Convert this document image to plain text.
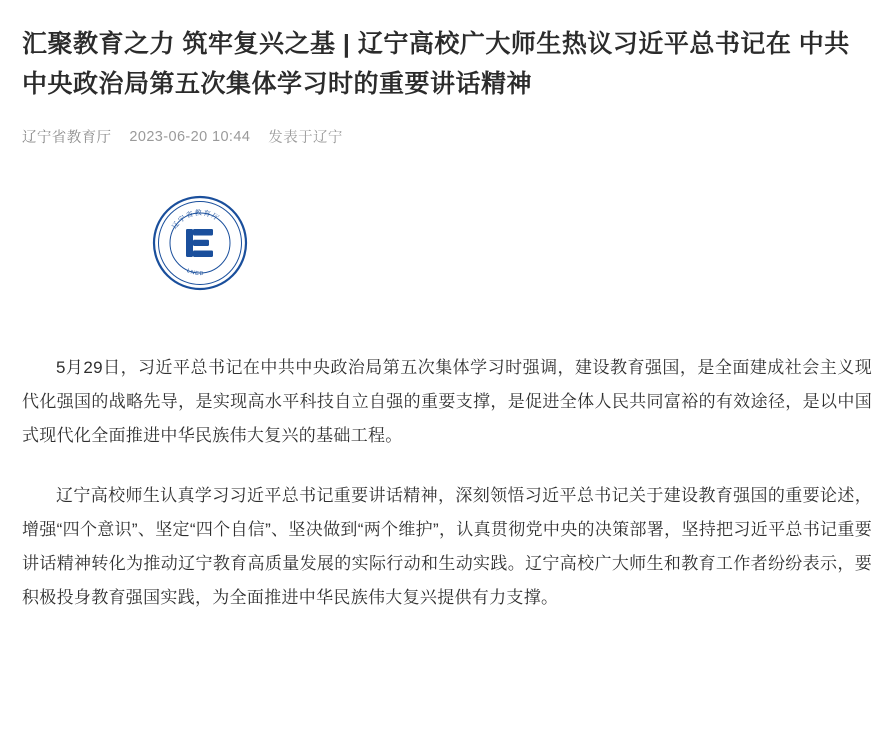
汇聚教育之力 筑牢复兴之基 | 辽宁高校广大师生热议习近平总书记在 中共中央政治局第五次集体学习时的重要讲话精神
辽宁省教育厅 2023-06-20 10:44 发表于辽宁
辽宁省教育厅
LNED

5月29日，习近平总书记在中共中央政治局第五次集体学习时强调，建设教育强国，是全面建成社会主义现代化强国的战略先导，是实现高水平科技自立自强的重要支撑，是促进全体人民共同富裕的有效途径，是以中国式现代化全面推进中华民族伟大复兴的基础工程。

辽宁高校师生认真学习习近平总书记重要讲话精神，深刻领悟习近平总书记关于建设教育强国的重要论述，增强“四个意识”、坚定“四个自信”、坚决做到“两个维护”，认真贯彻党中央的决策部署，坚持把习近平总书记重要讲话精神转化为推动辽宁教育高质量发展的实际行动和生动实践。辽宁高校广大师生和教育工作者纷纷表示，要积极投身教育强国实践，为全面推进中华民族伟大复兴提供有力支撑。
